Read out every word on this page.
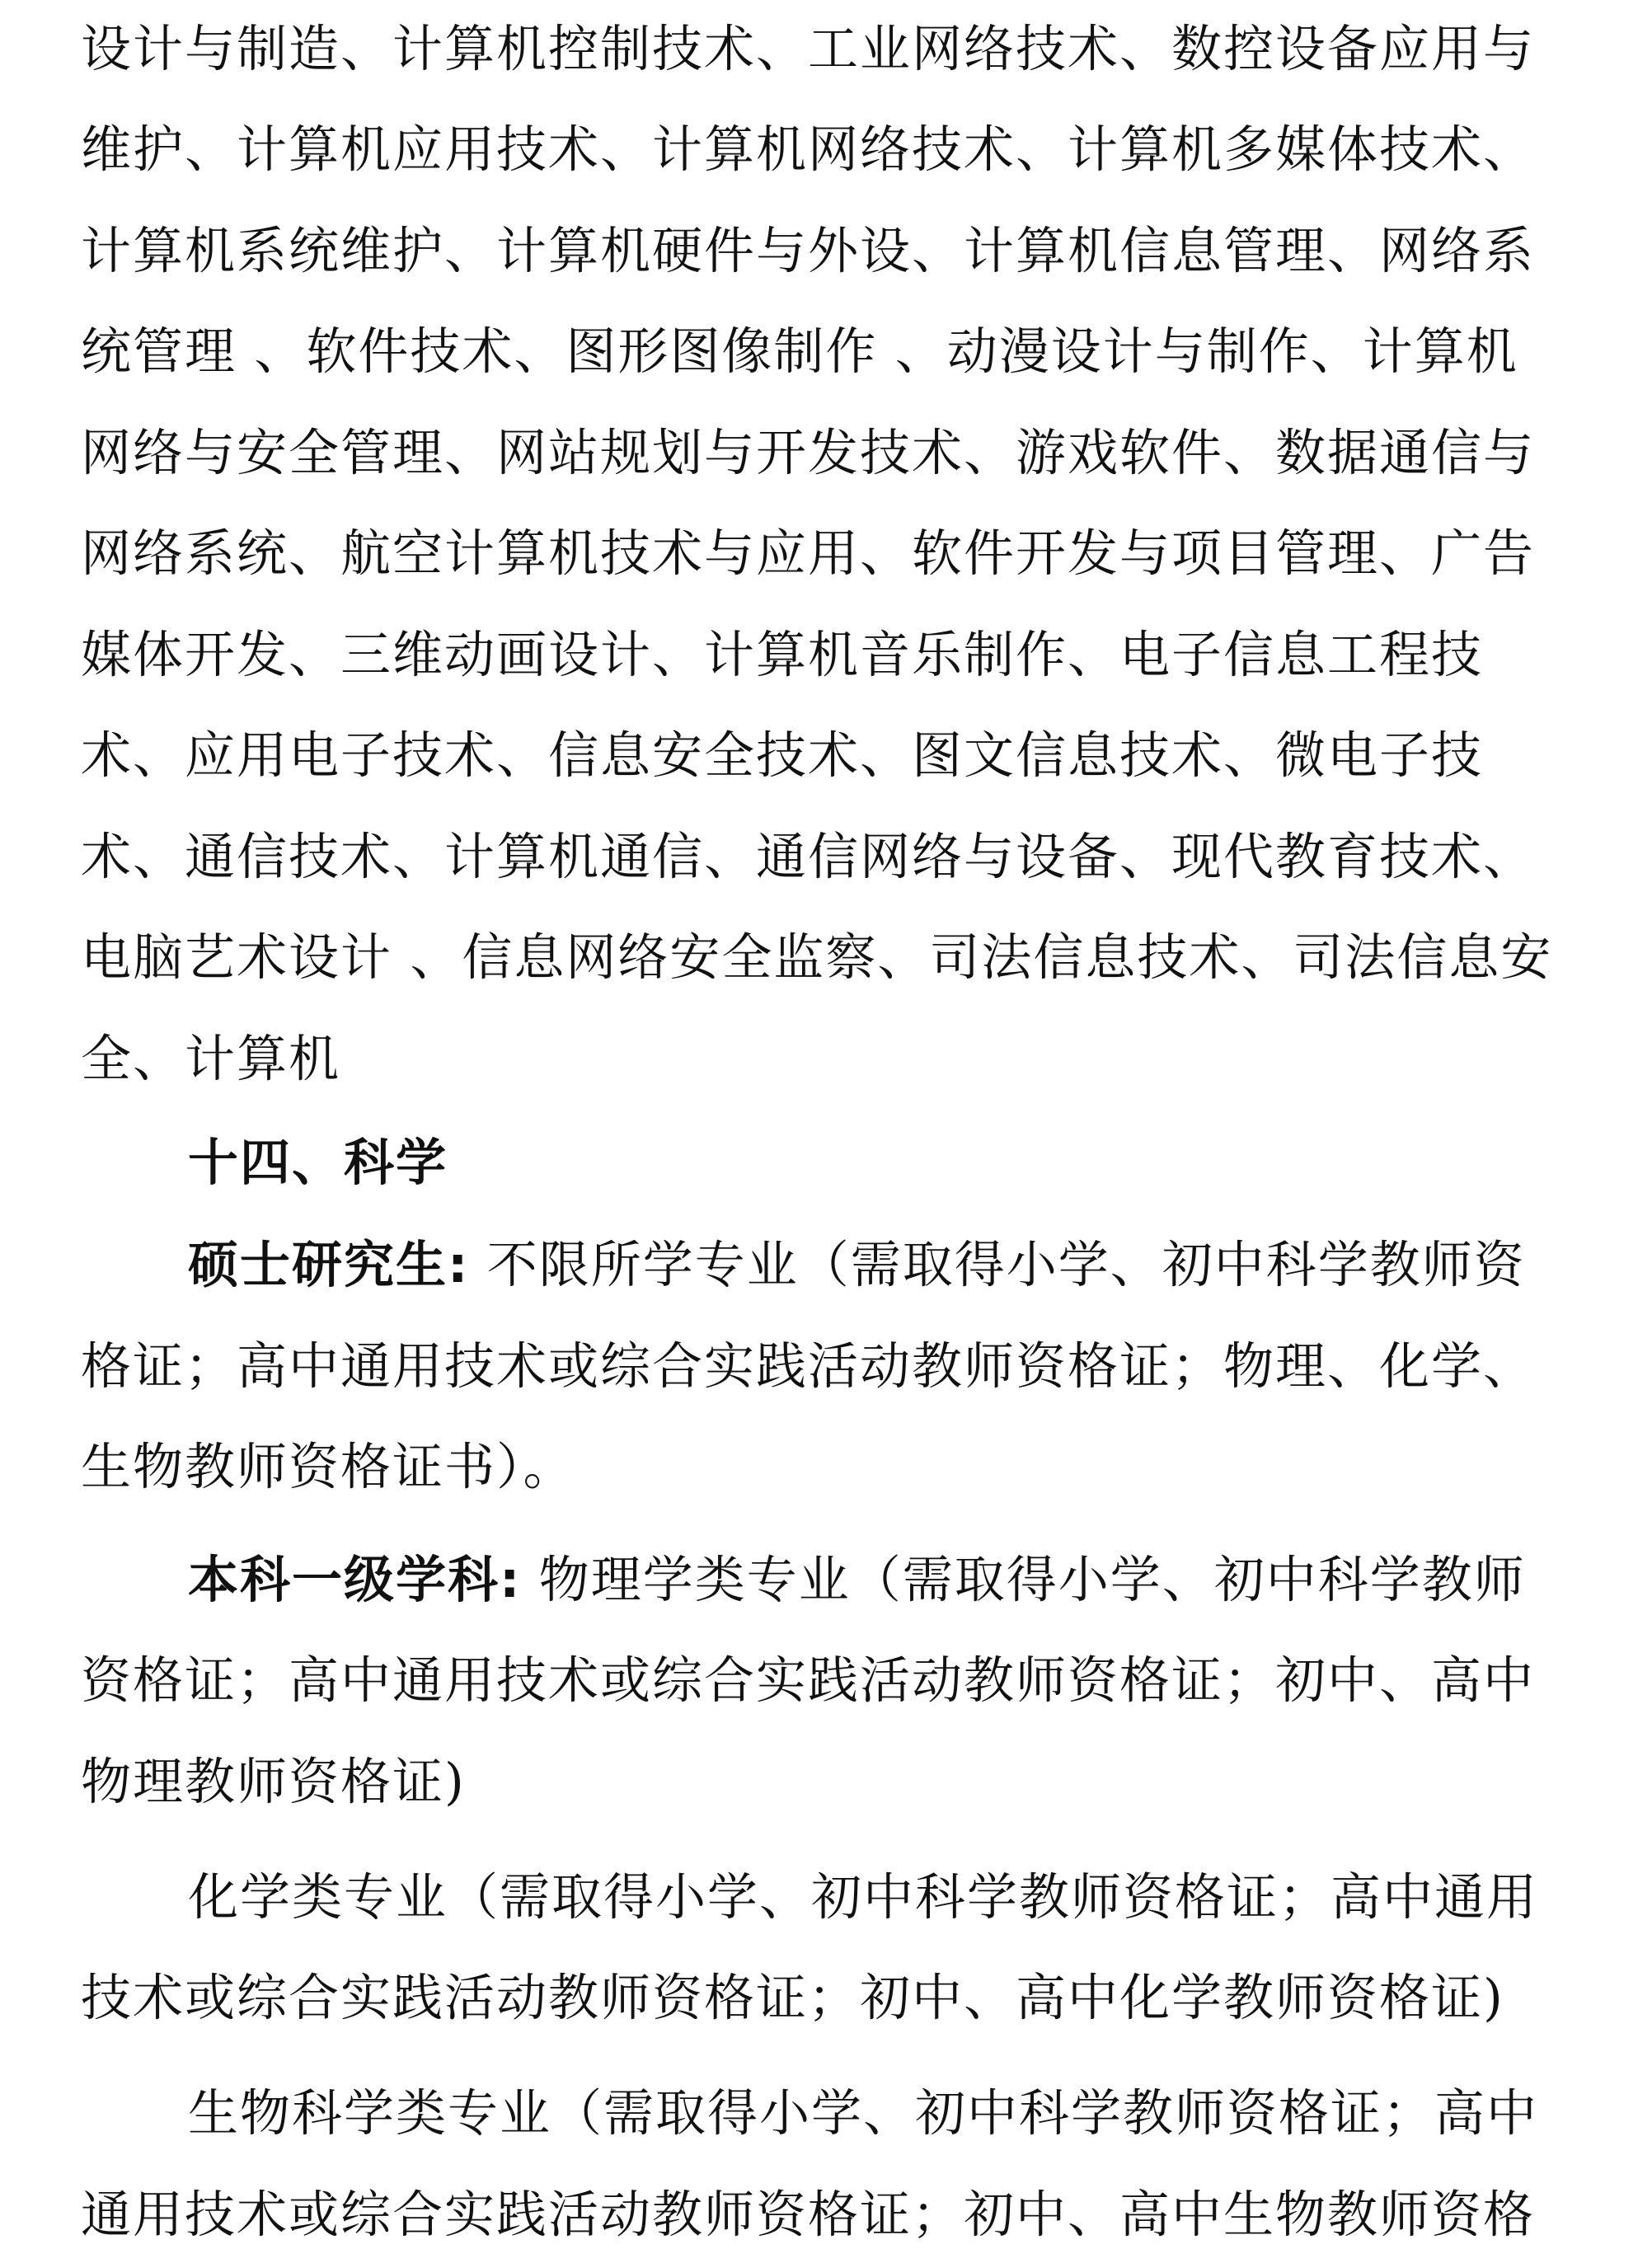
设计与制造、计算机控制技术、工业网络技术、数控设备应用与
维护、计算机应用技术、计算机网络技术、计算机多媒体技术、
计算机系统维护、计算机硬件与外设、计算机信息管理、网络系
统管理 、软件技术、图形图像制作 、动漫设计与制作、计算机
网络与安全管理、网站规划与开发技术、游戏软件、数据通信与
网络系统、航空计算机技术与应用、软件开发与项目管理、广告
媒体开发、三维动画设计、计算机音乐制作、电子信息工程技
术、应用电子技术、信息安全技术、图文信息技术、微电子技
术、通信技术、计算机通信、通信网络与设备、现代教育技术、
电脑艺术设计 、信息网络安全监察、司法信息技术、司法信息安
全、计算机
十四、科学
硕士研究生: 不限所学专业（需取得小学、初中科学教师资
格证；高中通用技术或综合实践活动教师资格证；物理、化学、
生物教师资格证书）。
本科一级学科: 物理学类专业（需取得小学、初中科学教师
资格证；高中通用技术或综合实践活动教师资格证；初中、高中
物理教师资格证)
化学类专业（需取得小学、初中科学教师资格证；高中通用
技术或综合实践活动教师资格证；初中、高中化学教师资格证)
生物科学类专业（需取得小学、初中科学教师资格证；高中
通用技术或综合实践活动教师资格证；初中、高中生物教师资格
